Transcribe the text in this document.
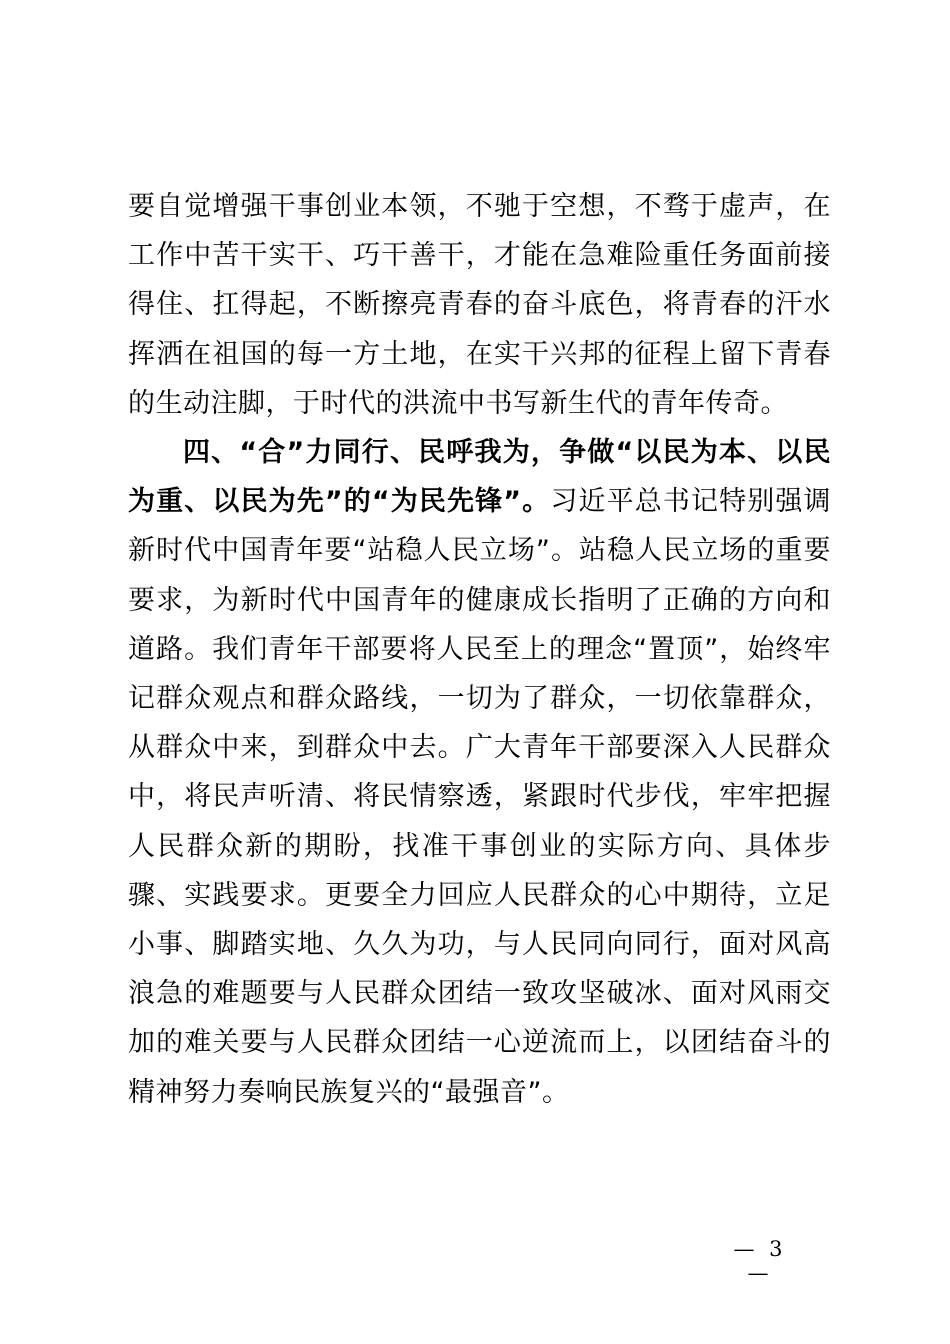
要自觉增强干事创业本领，不驰于空想，不骛于虚声，在工作中苦干实干、巧干善干，才能在急难险重任务面前接得住、扛得起，不断擦亮青春的奋斗底色，将青春的汗水挥洒在祖国的每一方土地，在实干兴邦的征程上留下青春的生动注脚，于时代的洪流中书写新生代的青年传奇。

四、“合”力同行、民呼我为，争做“以民为本、以民为重、以民为先”的“为民先锋”。习近平总书记特别强调新时代中国青年要“站稳人民立场”。站稳人民立场的重要要求，为新时代中国青年的健康成长指明了正确的方向和道路。我们青年干部要将人民至上的理念“置顶”，始终牢记群众观点和群众路线，一切为了群众，一切依靠群众，从群众中来，到群众中去。广大青年干部要深入人民群众中，将民声听清、将民情察透，紧跟时代步伐，牢牢把握人民群众新的期盼，找准干事创业的实际方向、具体步骤、实践要求。更要全力回应人民群众的心中期待，立足小事、脚踏实地、久久为功，与人民同向同行，面对风高浪急的难题要与人民群众团结一致攻坚破冰、面对风雨交加的难关要与人民群众团结一心逆流而上，以团结奋斗的精神努力奏响民族复兴的“最强音”。

— 3 —
